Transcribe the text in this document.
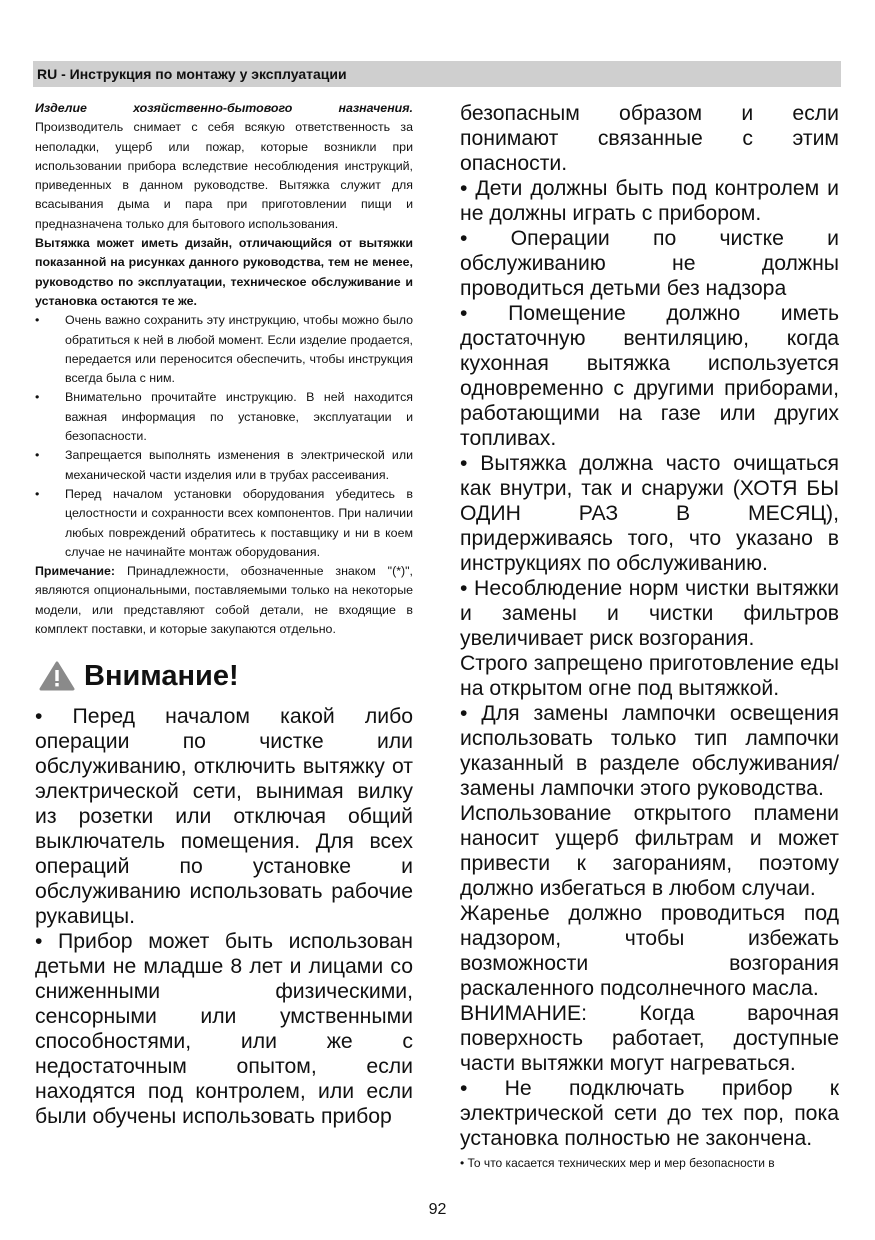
RU - Инструкция по монтажу у эксплуатации

Изделие хозяйственно-бытового назначения. Производитель снимает с себя всякую ответственность за неполадки, ущерб или пожар, которые возникли при использовании прибора вследствие несоблюдения инструкций, приведенных в данном руководстве. Вытяжка служит для всасывания дыма и пара при приготовлении пищи и предназначена только для бытового использования.

Вытяжка может иметь дизайн, отличающийся от вытяжки показанной на рисунках данного руководства, тем не менее, руководство по эксплуатации, техническое обслуживание и установка остаются те же.

• Очень важно сохранить эту инструкцию, чтобы можно было обратиться к ней в любой момент. Если изделие продается, передается или переносится обеспечить, чтобы инструкция всегда была с ним.
• Внимательно прочитайте инструкцию. В ней находится важная информация по установке, эксплуатации и безопасности.
• Запрещается выполнять изменения в электрической или механической части изделия или в трубах рассеивания.
• Перед началом установки оборудования убедитесь в целостности и сохранности всех компонентов. При наличии любых повреждений обратитесь к поставщику и ни в коем случае не начинайте монтаж оборудования.

Примечание: Принадлежности, обозначенные знаком "(*)", являются опциональными, поставляемыми только на некоторые модели, или представляют собой детали, не входящие в комплект поставки, и которые закупаются отдельно.

Внимание!

• Перед началом какой либо операции по чистке или обслуживанию, отключить вытяжку от электрической сети, вынимая вилку из розетки или отключая общий выключатель помещения. Для всех операций по установке и обслуживанию использовать рабочие рукавицы.

• Прибор может быть использован детьми не младше 8 лет и лицами со сниженными физическими, сенсорными или умственными способностями, или же с недостаточным опытом, если находятся под контролем, или если были обучены использовать прибор

безопасным образом и если понимают связанные с этим опасности.

• Дети должны быть под контролем и не должны играть с прибором.

• Операции по чистке и обслуживанию не должны проводиться детьми без надзора

• Помещение должно иметь достаточную вентиляцию, когда кухонная вытяжка используется одновременно с другими приборами, работающими на газе или других топливах.

• Вытяжка должна часто очищаться как внутри, так и снаружи (ХОТЯ БЫ ОДИН РАЗ В МЕСЯЦ), придерживаясь того, что указано в инструкциях по обслуживанию.

• Несоблюдение норм чистки вытяжки и замены и чистки фильтров увеличивает риск возгорания.

Строго запрещено приготовление еды на открытом огне под вытяжкой.

• Для замены лампочки освещения использовать только тип лампочки указанный в разделе обслуживания/замены лампочки этого руководства.

Использование открытого пламени наносит ущерб фильтрам и может привести к загораниям, поэтому должно избегаться в любом случаи.

Жаренье должно проводиться под надзором, чтобы избежать возможности возгорания раскаленного подсолнечного масла.

ВНИМАНИЕ: Когда варочная поверхность работает, доступные части вытяжки могут нагреваться.

• Не подключать прибор к электрической сети до тех пор, пока установка полностью не закончена.

• То что касается технических мер и мер безопасности в

92
